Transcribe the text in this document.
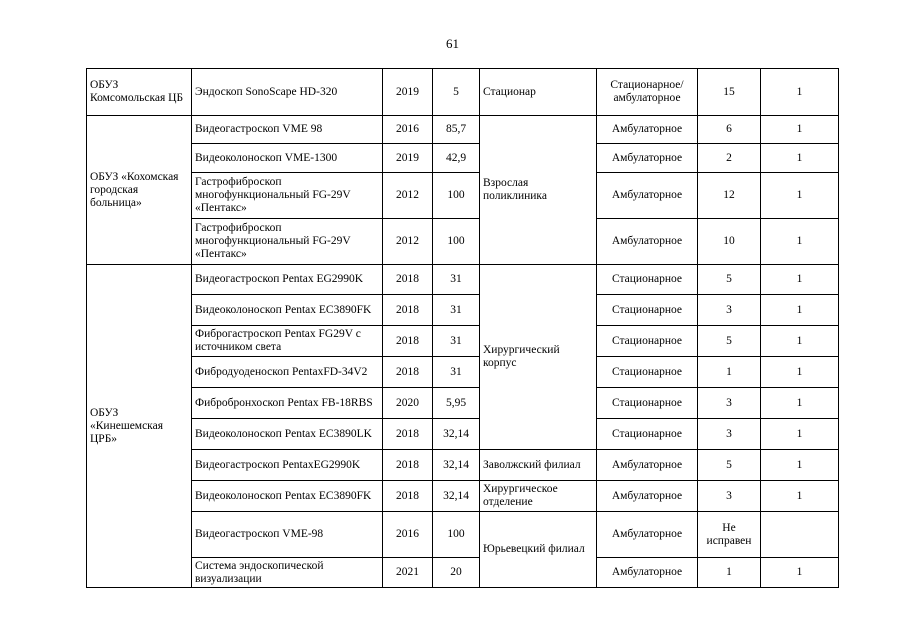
61
ОБУЗ Комсомольская ЦБ	Эндоскоп SonoScape HD-320	2019	5	Стационар	Стационарное/амбулаторное	15	1
ОБУЗ «Кохомская городская больница»	Видеогастроскоп VME 98	2016	85,7	Взрослая поликлиника	Амбулаторное	6	1
	Видеоколоноскоп VME-1300	2019	42,9		Амбулаторное	2	1
	Гастрофиброскоп многофункциональный FG-29V «Пентакс»	2012	100		Амбулаторное	12	1
	Гастрофиброскоп многофункциональный FG-29V «Пентакс»	2012	100		Амбулаторное	10	1
ОБУЗ «Кинешемская ЦРБ»	Видеогастроскоп Pentax EG2990K	2018	31	Хирургический корпус	Стационарное	5	1
	Видеоколоноскоп Pentax EC3890FK	2018	31		Стационарное	3	1
	Фиброгастроскоп Pentax FG29V с источником света	2018	31		Стационарное	5	1
	Фибродуоденоскоп PentaxFD-34V2	2018	31		Стационарное	1	1
	Фибробронхоскоп Pentax FB-18RBS	2020	5,95		Стационарное	3	1
	Видеоколоноскоп Pentax EC3890LK	2018	32,14		Стационарное	3	1
	Видеогастроскоп PentaxEG2990K	2018	32,14	Заволжский филиал	Амбулаторное	5	1
	Видеоколоноскоп Pentax EC3890FK	2018	32,14	Хирургическое отделение	Амбулаторное	3	1
	Видеогастроскоп VME-98	2016	100	Юрьевецкий филиал	Амбулаторное	Не исправен	
	Система эндоскопической визуализации	2021	20		Амбулаторное	1	1
